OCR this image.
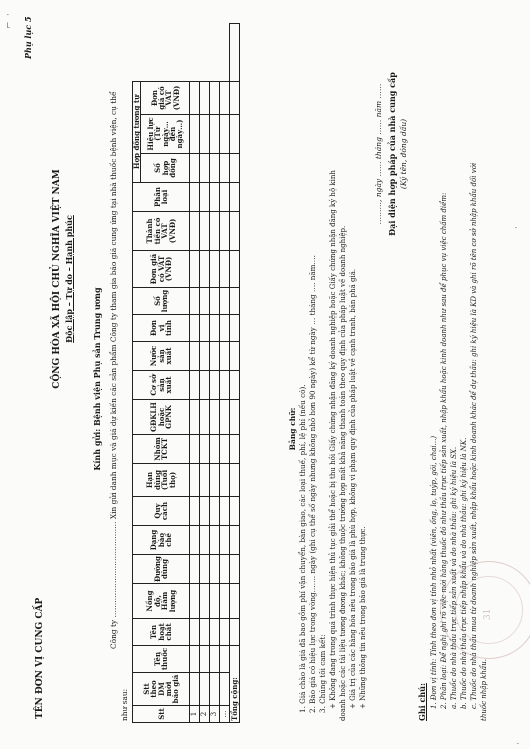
TÊN ĐƠN VỊ CUNG CẤP
Phụ lục 5
CỘNG HÒA XÃ HỘI CHỦ NGHĨA VIỆT NAM Độc lập – Tự do – Hạnh phúc
Kính gửi: Bệnh viện Phụ sản Trung ương Công ty ………………………………… Xin gửi danh mục và giá dự kiến các sản phẩm Công ty tham gia báo giá cung ứng tại nhà thuốc bệnh viện, cụ thể
như sau:	Stt	Stt theo DM mời báo giá	Tên thuốc	Tên hoạt chất	Nồng độ, Hàm lượng	Đường dùng	Dạng bào chế	Quy cách	Hạn dùng (Tuổi thọ)	Nhóm TCKT	GĐKLH hoặc GPNK	Cơ sở sản xuất	Nước sản xuất	Đơn vị tính	Số lượng	Đơn giá có VAT (VNĐ)	Thành tiền có VAT (VNĐ)	Phân loại	Hợp đồng tương tự			
																		Số hợp đồng	Hiệu lực (Từ ngày… đến ngày…)	Đơn giá có VAT (VNĐ)	
1																					
2																					
3																					
…																					
Tổng cộng:																					
Bằng chữ: 1. Giá chào là giá đã bao gồm phí vận chuyển, bàn giao, các loại thuế, phí, lệ phí (nếu có). 2. Báo giá có hiệu lực trong vòng……. ngày (ghi cụ thể số ngày nhưng không nhỏ hơn 90 ngày) kể từ ngày … tháng …. năm…. 3. Chúng tôi cam kết: + Không đang trong quá trình thực hiện thủ tục giải thể hoặc bị thu hồi Giấy chứng nhận đăng ký doanh nghiệp hoặc Giấy chứng nhận đăng ký hộ kinh doanh hoặc các tài liệu tương đương khác; không thuộc trường hợp mất khả năng thanh toán theo quy định của pháp luật về doanh nghiệp. + Giá trị của các hàng hóa nêu trong báo giá là phù hợp, không vi phạm quy định của pháp luật về cạnh tranh, bán phá giá. + Những thông tin nêu trong báo giá là trung thực.
………, ngày …… tháng …… năm …… Đại diện hợp pháp của nhà cung cấp (Ký tên, đóng dấu)
Ghi chú: 1. Đơn vị tính: Tính theo đơn vị tính nhỏ nhất (viên, ống, lọ, tuýp, gói, chai...) 2. Phân loại: Để nghị ghi rõ việc mời hàng thuốc đó như thầu trực tiếp sản xuất, nhập khẩu hoặc kinh doanh như sau để phục vụ việc chấm điểm: a. Thuốc do nhà thầu trực tiếp sản xuất và do nhà thầu: ghi ký hiệu là SX. b. Thuốc do nhà thầu trực tiếp nhập khẩu và do nhà thầu: ghi ký hiệu là NK. c. Thuốc do nhà thầu mua từ doanh nghiệp sản xuất, nhập khẩu hoặc kinh doanh khác để dự thầu: ghi ký hiệu là KD và ghi rõ tên cơ sở nhập khẩu đối với thuốc nhập khẩu.
31
⌐
·
·
·
